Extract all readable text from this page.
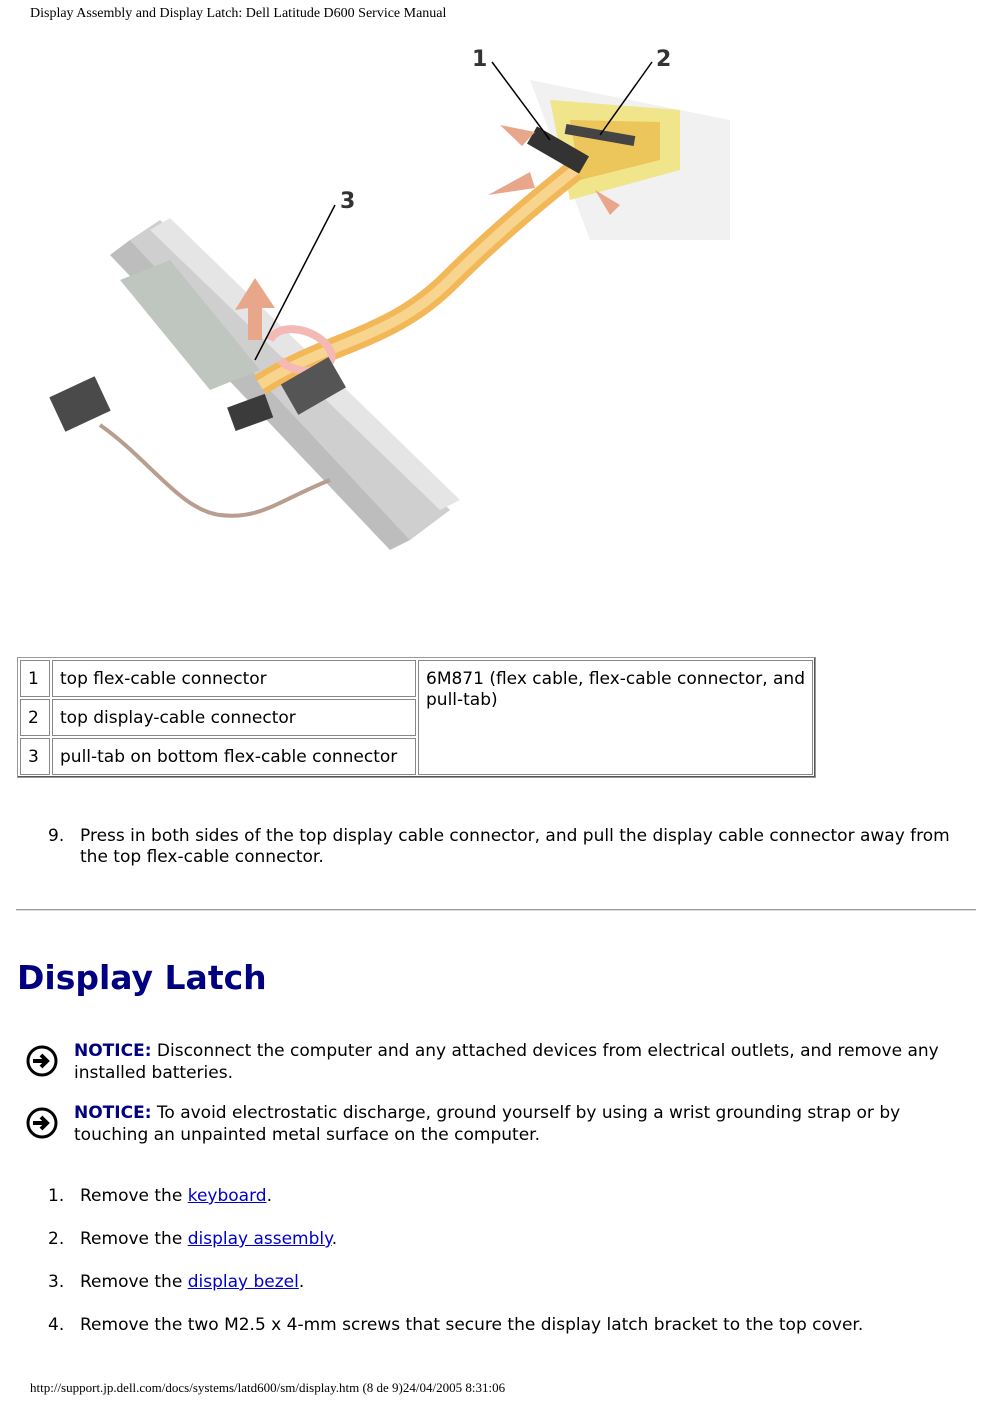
Display Assembly and Display Latch: Dell Latitude D600 Service Manual
1	2
3
1	top flex-cable connector	6M871 (flex cable, flex-cable connector, and pull-tab)
2	top display-cable connector	
3	pull-tab on bottom flex-cable connector	
9. Press in both sides of the top display cable connector, and pull the display cable connector away from the top flex-cable connector.
Display Latch
NOTICE: Disconnect the computer and any attached devices from electrical outlets, and remove any installed batteries.
NOTICE: To avoid electrostatic discharge, ground yourself by using a wrist grounding strap or by touching an unpainted metal surface on the computer.
1. Remove the keyboard.
2. Remove the display assembly.
3. Remove the display bezel.
4. Remove the two M2.5 x 4-mm screws that secure the display latch bracket to the top cover.
http://support.jp.dell.com/docs/systems/latd600/sm/display.htm (8 de 9)24/04/2005 8:31:06
